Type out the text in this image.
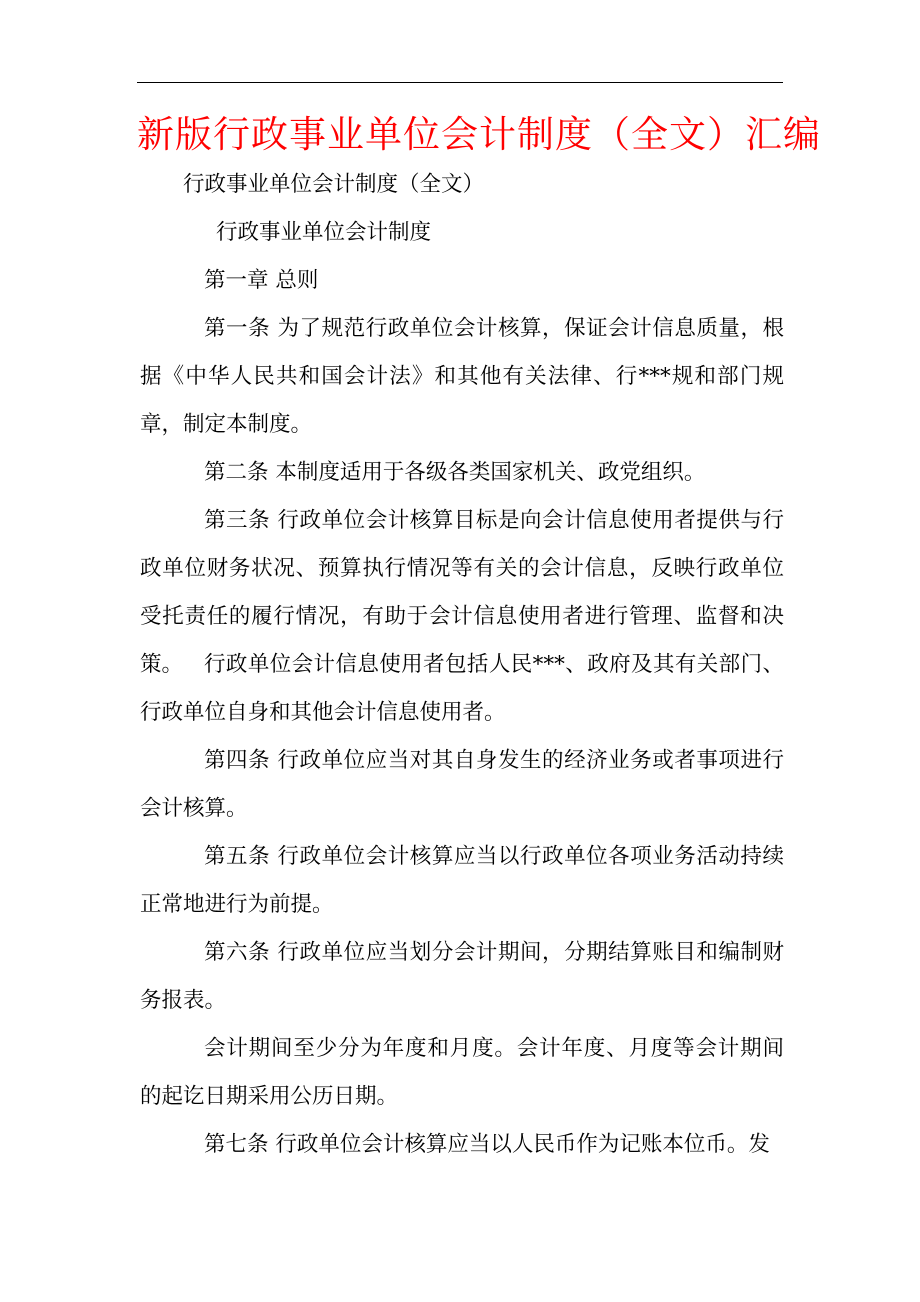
新版行政事业单位会计制度（全文）汇编
行政事业单位会计制度（全文）
行政事业单位会计制度
第一章 总则

第一条 为了规范行政单位会计核算，保证会计信息质量，根据《中华人民共和国会计法》和其他有关法律、行***规和部门规章，制定本制度。

第二条 本制度适用于各级各类国家机关、政党组织。

第三条 行政单位会计核算目标是向会计信息使用者提供与行政单位财务状况、预算执行情况等有关的会计信息，反映行政单位受托责任的履行情况，有助于会计信息使用者进行管理、监督和决策。 行政单位会计信息使用者包括人民***、政府及其有关部门、行政单位自身和其他会计信息使用者。

第四条 行政单位应当对其自身发生的经济业务或者事项进行会计核算。

第五条 行政单位会计核算应当以行政单位各项业务活动持续正常地进行为前提。

第六条 行政单位应当划分会计期间，分期结算账目和编制财务报表。

会计期间至少分为年度和月度。会计年度、月度等会计期间的起讫日期采用公历日期。

第七条 行政单位会计核算应当以人民币作为记账本位币。发
